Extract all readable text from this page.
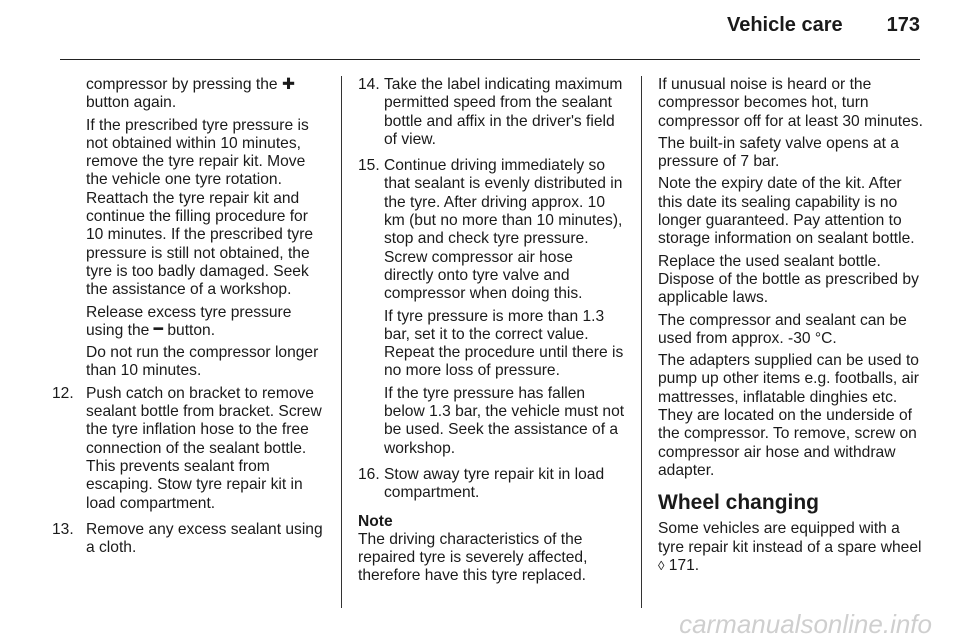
Vehicle care 173

compressor by pressing the ✚ button again.

If the prescribed tyre pressure is not obtained within 10 minutes, remove the tyre repair kit. Move the vehicle one tyre rotation. Reattach the tyre repair kit and continue the filling procedure for 10 minutes. If the prescribed tyre pressure is still not obtained, the tyre is too badly damaged. Seek the assistance of a workshop.

Release excess tyre pressure using the ━ button.

Do not run the compressor longer than 10 minutes.

12. Push catch on bracket to remove sealant bottle from bracket. Screw the tyre inflation hose to the free connection of the sealant bottle. This prevents sealant from escaping. Stow tyre repair kit in load compartment.

13. Remove any excess sealant using a cloth.

14. Take the label indicating maximum permitted speed from the sealant bottle and affix in the driver's field of view.

15. Continue driving immediately so that sealant is evenly distributed in the tyre. After driving approx. 10 km (but no more than 10 minutes), stop and check tyre pressure. Screw compressor air hose directly onto tyre valve and compressor when doing this.

If tyre pressure is more than 1.3 bar, set it to the correct value. Repeat the procedure until there is no more loss of pressure.

If the tyre pressure has fallen below 1.3 bar, the vehicle must not be used. Seek the assistance of a workshop.

16. Stow away tyre repair kit in load compartment.

Note

The driving characteristics of the repaired tyre is severely affected, therefore have this tyre replaced.

If unusual noise is heard or the compressor becomes hot, turn compressor off for at least 30 minutes.

The built-in safety valve opens at a pressure of 7 bar.

Note the expiry date of the kit. After this date its sealing capability is no longer guaranteed. Pay attention to storage information on sealant bottle.

Replace the used sealant bottle. Dispose of the bottle as prescribed by applicable laws.

The compressor and sealant can be used from approx. -30 °C.

The adapters supplied can be used to pump up other items e.g. footballs, air mattresses, inflatable dinghies etc. They are located on the underside of the compressor. To remove, screw on compressor air hose and withdraw adapter.

Wheel changing

Some vehicles are equipped with a tyre repair kit instead of a spare wheel ◊ 171.

carmanualsonline.info
